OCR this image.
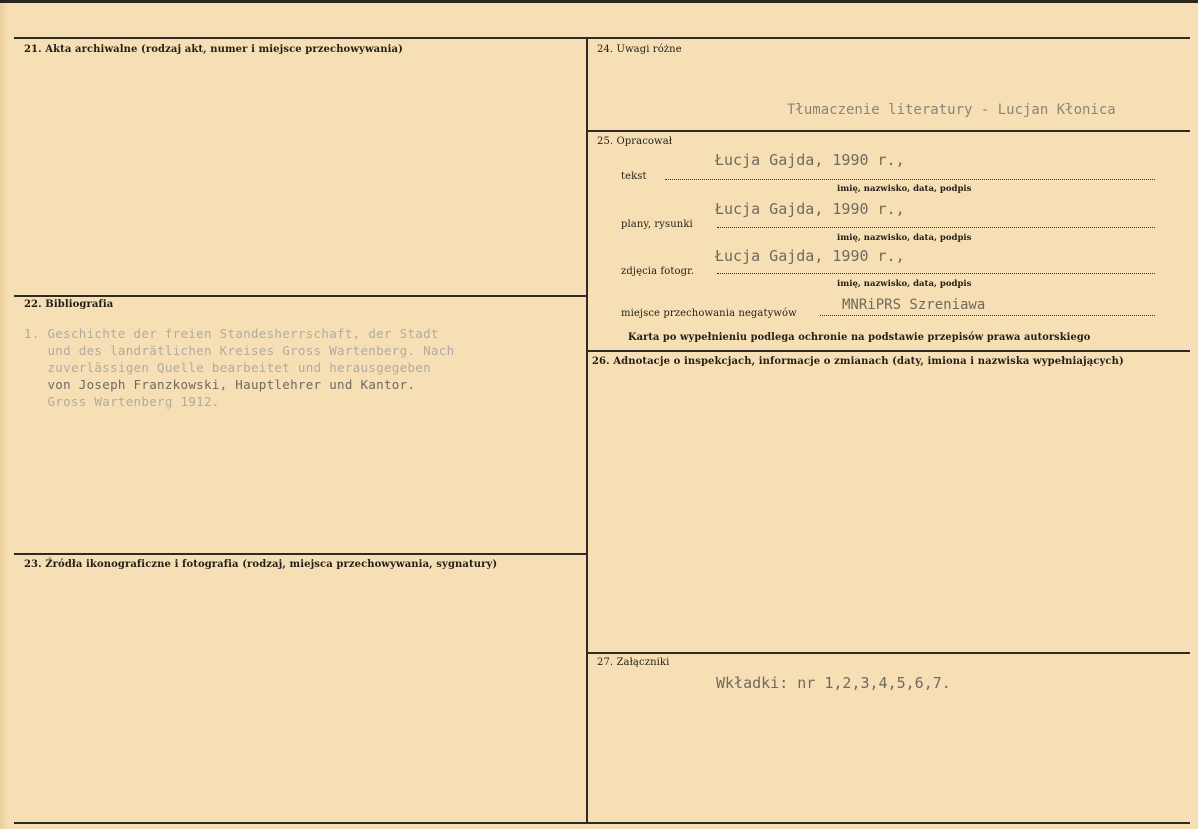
21. Akta archiwalne (rodzaj akt, numer i miejsce przechowywania)
22. Bibliografia
1. Geschichte der freien Standesherrschaft, der Stadt
und des landrätlichen Kreises Gross Wartenberg. Nach
zuverlässigen Quelle bearbeitet und herausgegeben
von Joseph Franzkowski, Hauptlehrer und Kantor.
Gross Wartenberg 1912.
23. Źródła ikonograficzne i fotografia (rodzaj, miejsca przechowywania, sygnatury)
24. Uwagi różne
Tłumaczenie literatury - Lucjan Kłonica
25. Opracował
Łucja Gajda, 1990 r.,
tekst
imię, nazwisko, data, podpis
Łucja Gajda, 1990 r.,
plany, rysunki
imię, nazwisko, data, podpis
Łucja Gajda, 1990 r.,
zdjęcia fotogr.
imię, nazwisko, data, podpis
MNRiPRS Szreniawa
miejsce przechowania negatywów
Karta po wypełnieniu podlega ochronie na podstawie przepisów prawa autorskiego
26. Adnotacje o inspekcjach, informacje o zmianach (daty, imiona i nazwiska wypełniających)
27. Załączniki
Wkładki: nr 1,2,3,4,5,6,7.
